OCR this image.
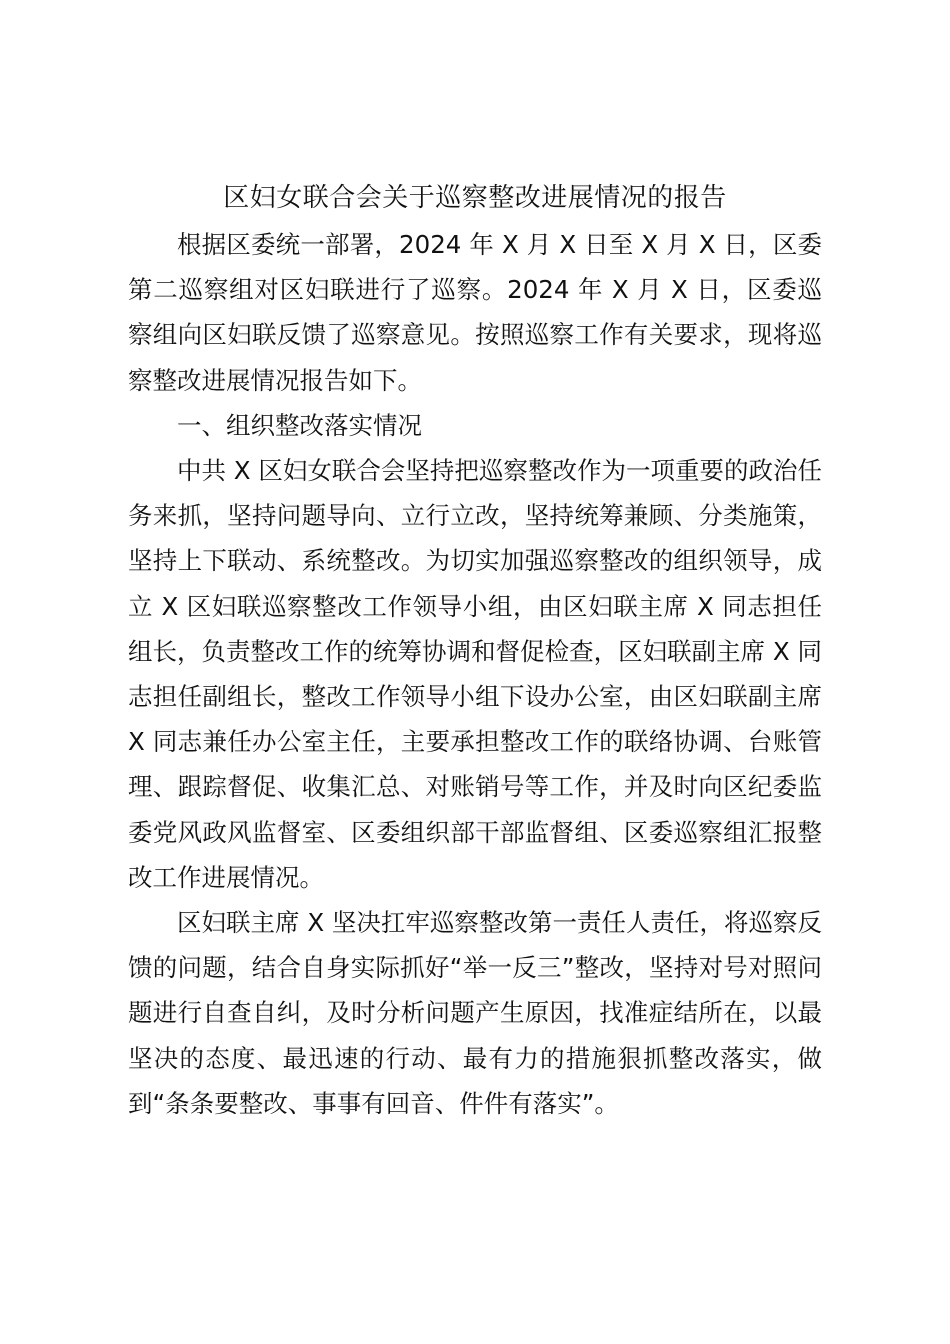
区妇女联合会关于巡察整改进展情况的报告

根据区委统一部署，2024 年 X 月 X 日至 X 月 X 日，区委第二巡察组对区妇联进行了巡察。2024 年 X 月 X 日，区委巡察组向区妇联反馈了巡察意见。按照巡察工作有关要求，现将巡察整改进展情况报告如下。

一、组织整改落实情况

中共 X 区妇女联合会坚持把巡察整改作为一项重要的政治任务来抓，坚持问题导向、立行立改，坚持统筹兼顾、分类施策，坚持上下联动、系统整改。为切实加强巡察整改的组织领导，成立 X 区妇联巡察整改工作领导小组，由区妇联主席 X 同志担任组长，负责整改工作的统筹协调和督促检查，区妇联副主席 X 同志担任副组长，整改工作领导小组下设办公室，由区妇联副主席 X 同志兼任办公室主任，主要承担整改工作的联络协调、台账管理、跟踪督促、收集汇总、对账销号等工作，并及时向区纪委监委党风政风监督室、区委组织部干部监督组、区委巡察组汇报整改工作进展情况。

区妇联主席 X 坚决扛牢巡察整改第一责任人责任，将巡察反馈的问题，结合自身实际抓好“举一反三”整改，坚持对号对照问题进行自查自纠，及时分析问题产生原因，找准症结所在，以最坚决的态度、最迅速的行动、最有力的措施狠抓整改落实，做到“条条要整改、事事有回音、件件有落实”。
